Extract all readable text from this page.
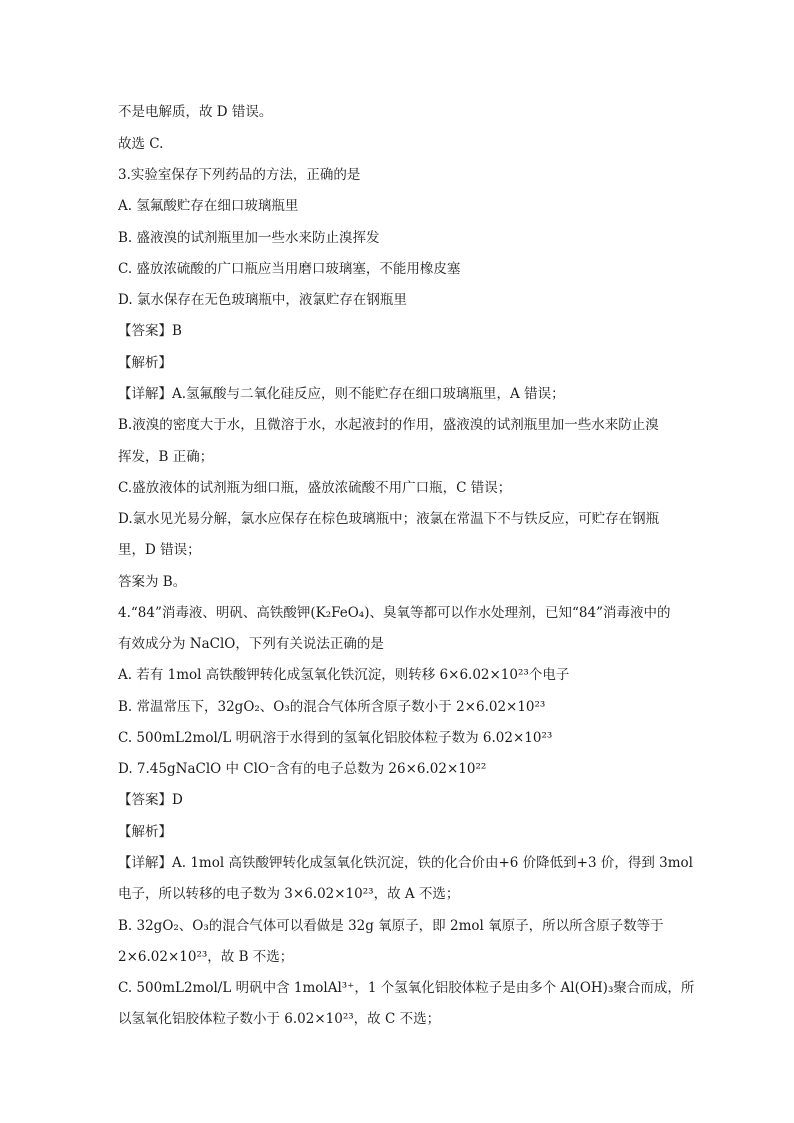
不是电解质，故 D 错误。
故选 C.
3.实验室保存下列药品的方法，正确的是
A. 氢氟酸贮存在细口玻璃瓶里
B. 盛液溴的试剂瓶里加一些水来防止溴挥发
C. 盛放浓硫酸的广口瓶应当用磨口玻璃塞，不能用橡皮塞
D. 氯水保存在无色玻璃瓶中，液氯贮存在钢瓶里
【答案】B
【解析】
【详解】A.氢氟酸与二氧化硅反应，则不能贮存在细口玻璃瓶里，A 错误；
B.液溴的密度大于水，且微溶于水，水起液封的作用，盛液溴的试剂瓶里加一些水来防止溴
挥发，B 正确；
C.盛放液体的试剂瓶为细口瓶，盛放浓硫酸不用广口瓶，C 错误；
D.氯水见光易分解，氯水应保存在棕色玻璃瓶中；液氯在常温下不与铁反应，可贮存在钢瓶
里，D 错误；
答案为 B。
4.“84”消毒液、明矾、高铁酸钾(K₂FeO₄)、臭氧等都可以作水处理剂，已知“84”消毒液中的
有效成分为 NaClO，下列有关说法正确的是
A. 若有 1mol 高铁酸钾转化成氢氧化铁沉淀，则转移 6×6.02×10²³个电子
B. 常温常压下，32gO₂、O₃的混合气体所含原子数小于 2×6.02×10²³
C. 500mL2mol/L 明矾溶于水得到的氢氧化铝胶体粒子数为 6.02×10²³
D. 7.45gNaClO 中 ClO⁻含有的电子总数为 26×6.02×10²²
【答案】D
【解析】
【详解】A. 1mol 高铁酸钾转化成氢氧化铁沉淀，铁的化合价由+6 价降低到+3 价，得到 3mol
电子，所以转移的电子数为 3×6.02×10²³，故 A 不选；
B. 32gO₂、O₃的混合气体可以看做是 32g 氧原子，即 2mol 氧原子，所以所含原子数等于
2×6.02×10²³，故 B 不选；
C. 500mL2mol/L 明矾中含 1molAl³⁺，1 个氢氧化铝胶体粒子是由多个 Al(OH)₃聚合而成，所
以氢氧化铝胶体粒子数小于 6.02×10²³，故 C 不选；
